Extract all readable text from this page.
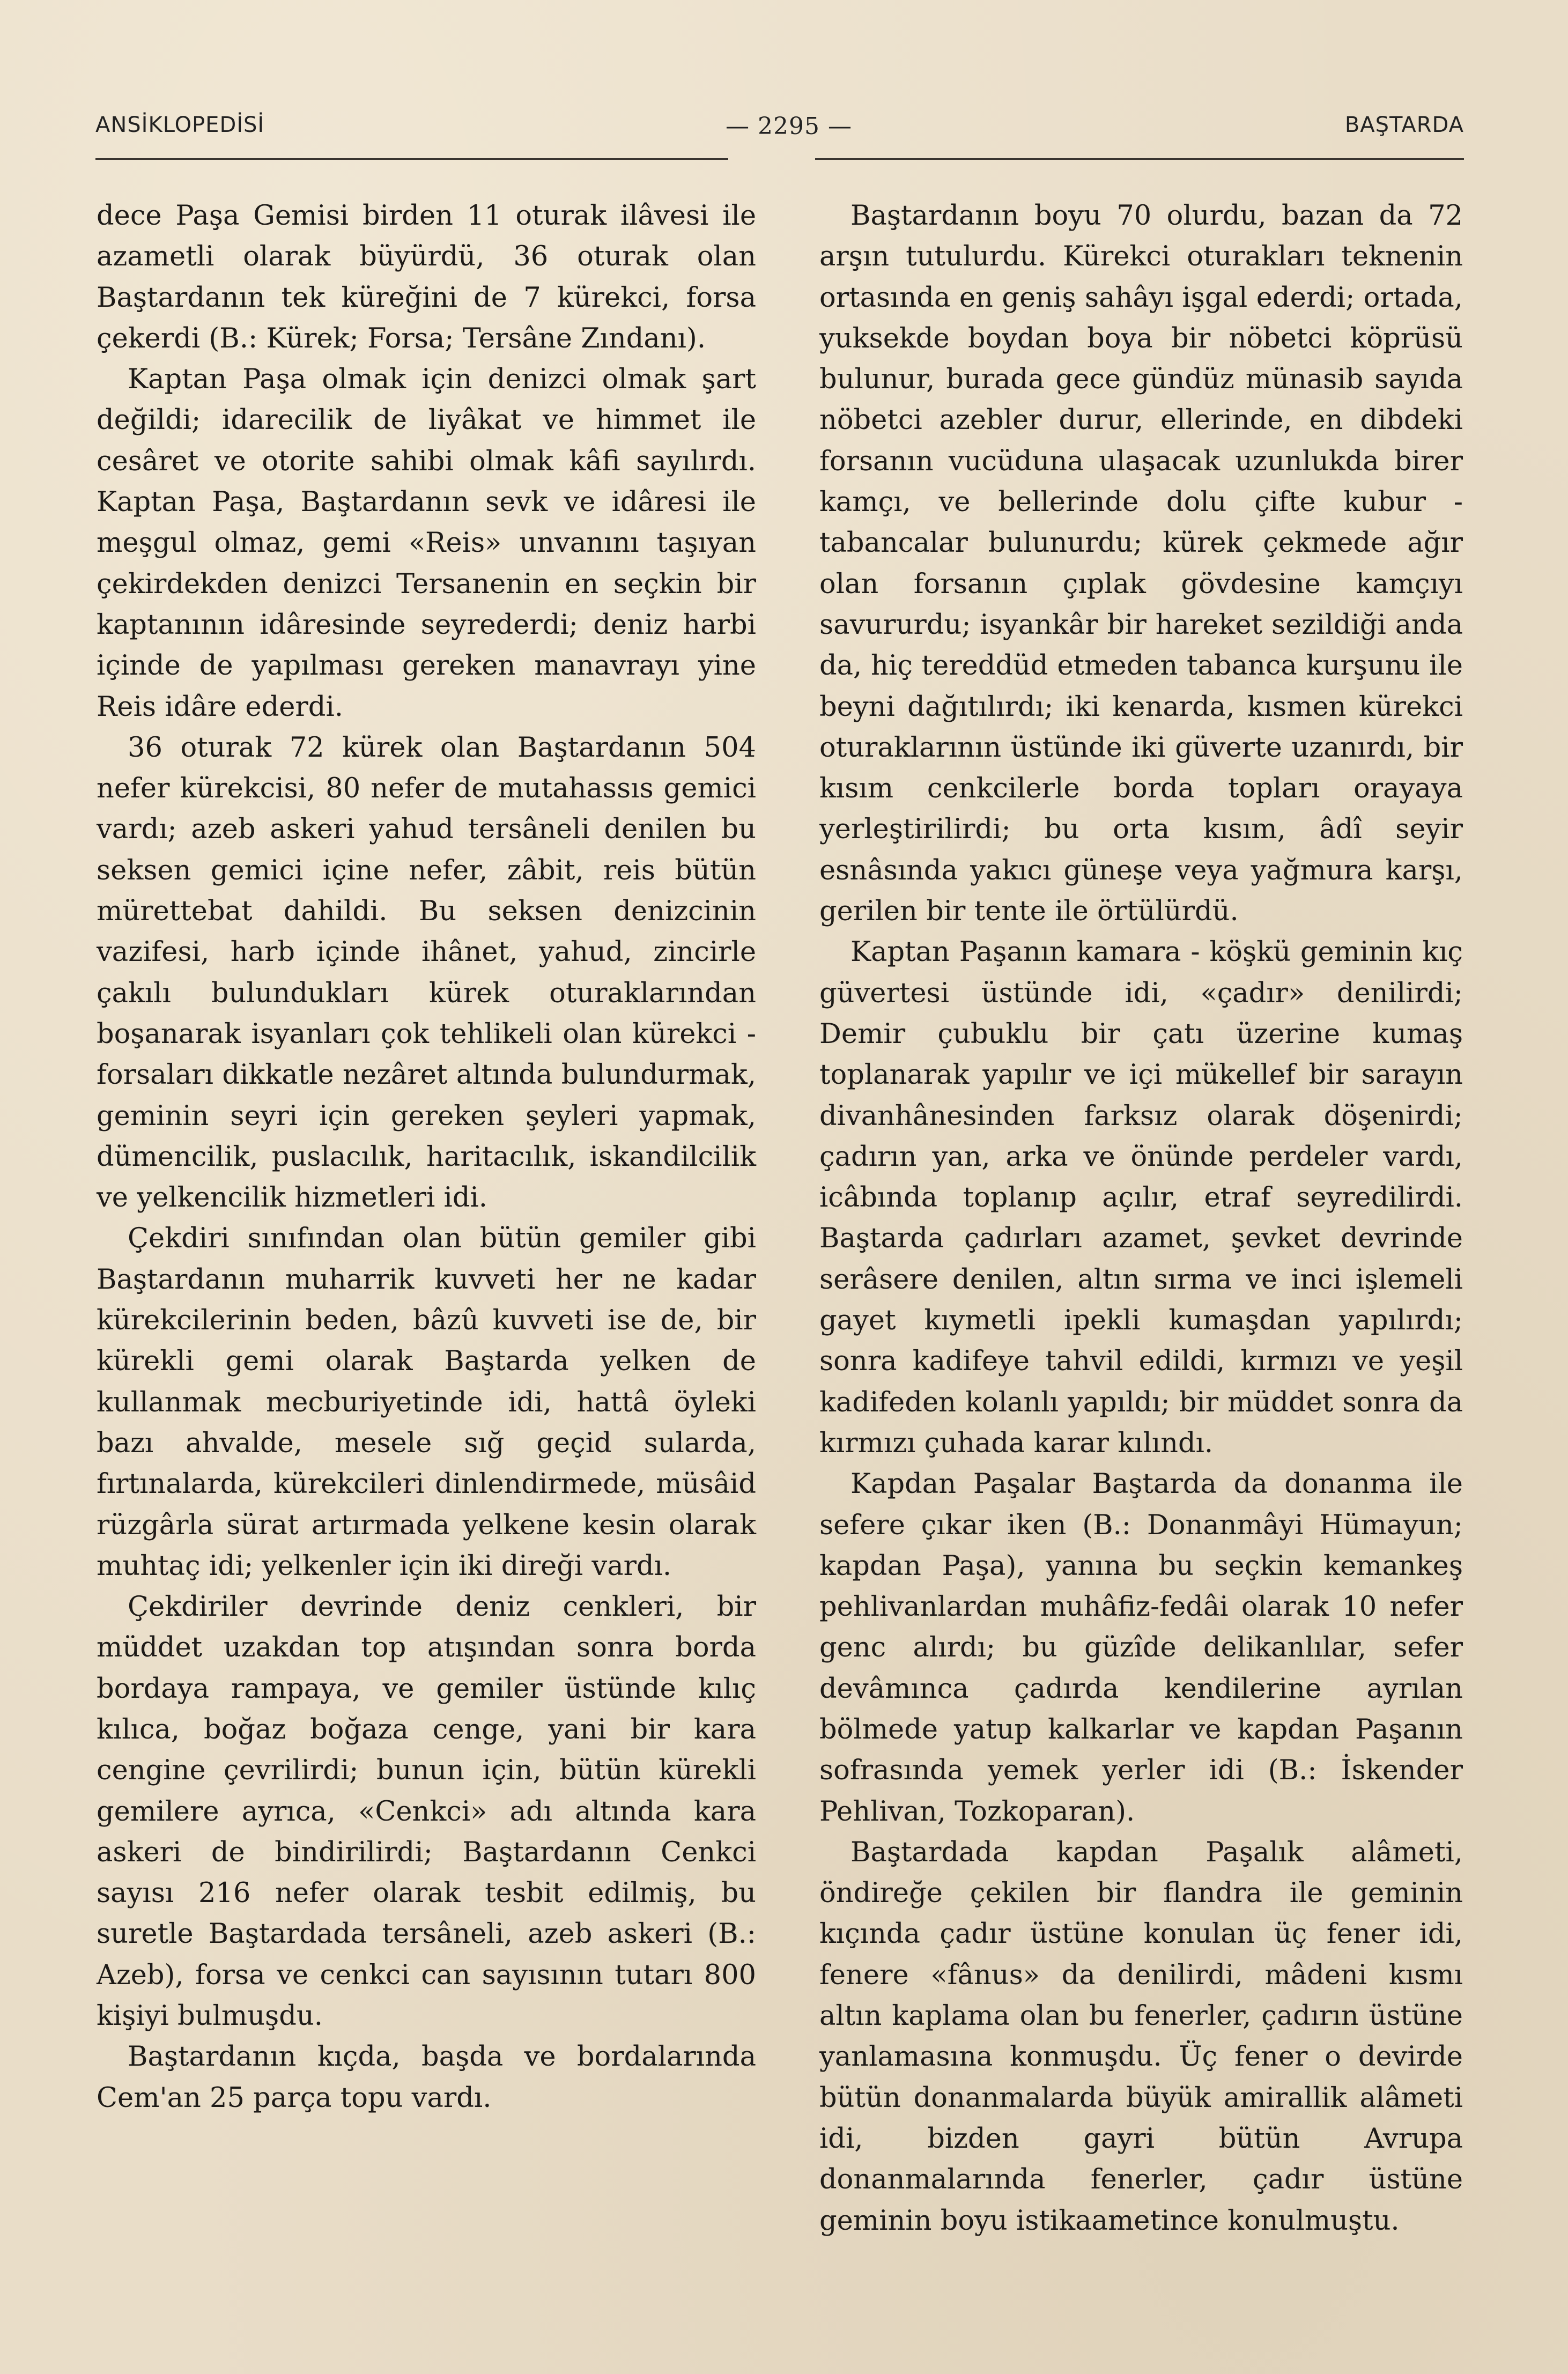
ANSİKLOPEDİSİ	— 2295 —	BAŞTARDA

dece Paşa Gemisi birden 11 oturak ilâvesi ile azametli olarak büyürdü, 36 oturak olan Baştardanın tek küreğini de 7 kürekci, forsa çekerdi (B.: Kürek; Forsa; Tersâne Zındanı).

Kaptan Paşa olmak için denizci olmak şart değildi; idarecilik de liyâkat ve himmet ile cesâret ve otorite sahibi olmak kâfi sayılırdı. Kaptan Paşa, Baştardanın sevk ve idâresi ile meşgul olmaz, gemi «Reis» unvanını taşıyan çekirdekden denizci Tersanenin en seçkin bir kaptanının idâresinde seyrederdi; deniz harbi içinde de yapılması gereken manavrayı yine Reis idâre ederdi.

36 oturak 72 kürek olan Baştardanın 504 nefer kürekcisi, 80 nefer de mutahassıs gemici vardı; azeb askeri yahud tersâneli denilen bu seksen gemici içine nefer, zâbit, reis bütün mürettebat dahildi. Bu seksen denizcinin vazifesi, harb içinde ihânet, yahud, zincirle çakılı bulundukları kürek oturaklarından boşanarak isyanları çok tehlikeli olan kürekci - forsaları dikkatle nezâret altında bulundurmak, geminin seyri için gereken şeyleri yapmak, dümencilik, puslacılık, haritacılık, iskandilcilik ve yelkencilik hizmetleri idi.

Çekdiri sınıfından olan bütün gemiler gibi Baştardanın muharrik kuvveti her ne kadar kürekcilerinin beden, bâzû kuvveti ise de, bir kürekli gemi olarak Baştarda yelken de kullanmak mecburiyetinde idi, hattâ öyleki bazı ahvalde, mesele sığ geçid sularda, fırtınalarda, kürekcileri dinlendirmede, müsâid rüzgârla sürat artırmada yelkene kesin olarak muhtaç idi; yelkenler için iki direği vardı.

Çekdiriler devrinde deniz cenkleri, bir müddet uzakdan top atışından sonra borda bordaya rampaya, ve gemiler üstünde kılıç kılıca, boğaz boğaza cenge, yani bir kara cengine çevrilirdi; bunun için, bütün kürekli gemilere ayrıca, «Cenkci» adı altında kara askeri de bindirilirdi; Baştardanın Cenkci sayısı 216 nefer olarak tesbit edilmiş, bu suretle Baştardada tersâneli, azeb askeri (B.: Azeb), forsa ve cenkci can sayısının tutarı 800 kişiyi bulmuşdu.

Baştardanın kıçda, başda ve bordalarında Cem'an 25 parça topu vardı.

Baştardanın boyu 70 olurdu, bazan da 72 arşın tutulurdu. Kürekci oturakları teknenin ortasında en geniş sahâyı işgal ederdi; ortada, yuksekde boydan boya bir nöbetci köprüsü bulunur, burada gece gündüz münasib sayıda nöbetci azebler durur, ellerinde, en dibdeki forsanın vucüduna ulaşacak uzunlukda birer kamçı, ve bellerinde dolu çifte kubur - tabancalar bulunurdu; kürek çekmede ağır olan forsanın çıplak gövdesine kamçıyı savururdu; isyankâr bir hareket sezildiği anda da, hiç tereddüd etmeden tabanca kurşunu ile beyni dağıtılırdı; iki kenarda, kısmen kürekci oturaklarının üstünde iki güverte uzanırdı, bir kısım cenkcilerle borda topları orayaya yerleştirilirdi; bu orta kısım, âdî seyir esnâsında yakıcı güneşe veya yağmura karşı, gerilen bir tente ile örtülürdü.

Kaptan Paşanın kamara - köşkü geminin kıç güvertesi üstünde idi, «çadır» denilirdi; Demir çubuklu bir çatı üzerine kumaş toplanarak yapılır ve içi mükellef bir sarayın divanhânesinden farksız olarak döşenirdi; çadırın yan, arka ve önünde perdeler vardı, icâbında toplanıp açılır, etraf seyredilirdi. Baştarda çadırları azamet, şevket devrinde serâsere denilen, altın sırma ve inci işlemeli gayet kıymetli ipekli kumaşdan yapılırdı; sonra kadifeye tahvil edildi, kırmızı ve yeşil kadifeden kolanlı yapıldı; bir müddet sonra da kırmızı çuhada karar kılındı.

Kapdan Paşalar Baştarda da donanma ile sefere çıkar iken (B.: Donanmâyi Hümayun; kapdan Paşa), yanına bu seçkin kemankeş pehlivanlardan muhâfiz-fedâi olarak 10 nefer genc alırdı; bu güzîde delikanlılar, sefer devâmınca çadırda kendilerine ayrılan bölmede yatup kalkarlar ve kapdan Paşanın sofrasında yemek yerler idi (B.: İskender Pehlivan, Tozkoparan).

Baştardada kapdan Paşalık alâmeti, öndireğe çekilen bir flandra ile geminin kıçında çadır üstüne konulan üç fener idi, fenere «fânus» da denilirdi, mâdeni kısmı altın kaplama olan bu fenerler, çadırın üstüne yanlamasına konmuşdu. Üç fener o devirde bütün donanmalarda büyük amirallik alâmeti idi, bizden gayri bütün Avrupa donanmalarında fenerler, çadır üstüne geminin boyu istikaametince konulmuştu.
